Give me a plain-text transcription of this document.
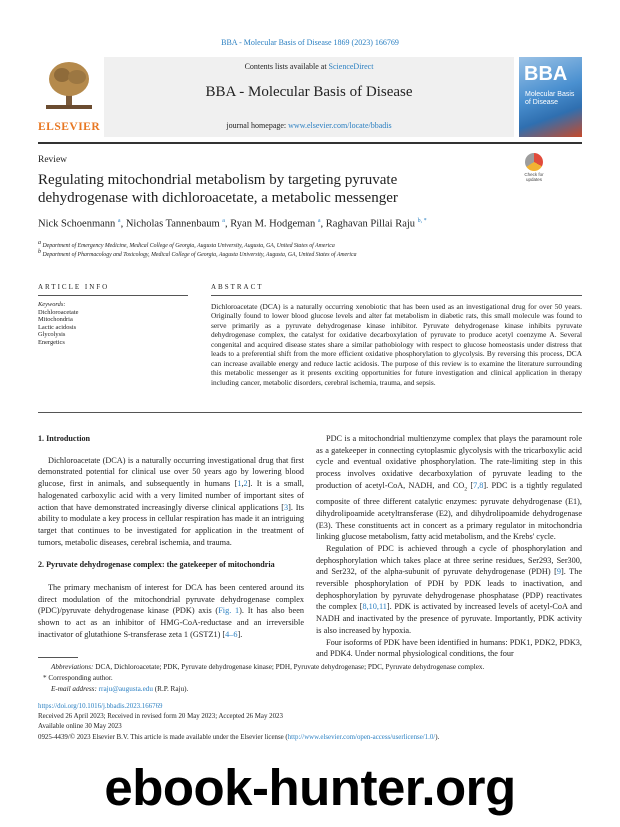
BBA - Molecular Basis of Disease 1869 (2023) 166769
ELSEVIER
Contents lists available at ScienceDirect
BBA - Molecular Basis of Disease
journal homepage: www.elsevier.com/locate/bbadis
BBA
Molecular Basis of Disease
Review
Regulating mitochondrial metabolism by targeting pyruvate dehydrogenase with dichloroacetate, a metabolic messenger
Check for updates
Nick Schoenmann $^a$, Nicholas Tannenbaum $^a$, Ryan M. Hodgeman $^a$, Raghavan Pillai Raju $^{b, *}$
$^a$ Department of Emergency Medicine, Medical College of Georgia, Augusta University, Augusta, GA, United States of America
$^b$ Department of Pharmacology and Toxicology, Medical College of Georgia, Augusta University, Augusta, GA, United States of America
ARTICLE INFO
Keywords:
Dichloroacetate
Mitochondria
Lactic acidosis
Glycolysis
Energetics
ABSTRACT
Dichloroacetate (DCA) is a naturally occurring xenobiotic that has been used as an investigational drug for over 50 years. Originally found to lower blood glucose levels and alter fat metabolism in diabetic rats, this small molecule was found to serve primarily as a pyruvate dehydrogenase kinase inhibitor. Pyruvate dehydrogenase kinase inhibits pyruvate dehydrogenase complex, the catalyst for oxidative decarboxylation of pyruvate to produce acetyl coenzyme A. Several congenital and acquired disease states share a similar pathobiology with respect to glucose homeostasis under distress that leads to a preferential shift from the more efficient oxidative phosphorylation to glycolysis. By reversing this process, DCA can increase available energy and reduce lactic acidosis. The purpose of this review is to examine the literature surrounding this metabolic messenger as it presents exciting opportunities for future investigation and clinical application in therapy including cancer, metabolic disorders, cerebral ischemia, trauma, and sepsis.
1. Introduction

Dichloroacetate (DCA) is a naturally occurring investigational drug that first demonstrated potential for clinical use over 50 years ago by lowering blood glucose, first in animals, and subsequently in humans [1,2]. It is a small, halogenated carboxylic acid with a very limited number of important sites of action that have demonstrated increasingly diverse clinical applications [3]. Its ability to modulate a key process in cellular respiration has made it an intriguing target that continues to be investigated for application in the treatment of tumors, metabolic diseases, cerebral ischemia, and trauma.

2. Pyruvate dehydrogenase complex: the gatekeeper of mitochondria

The primary mechanism of interest for DCA has been centered around its direct modulation of the mitochondrial pyruvate dehydrogenase complex (PDC)/pyruvate dehydrogenase kinase (PDK) axis (Fig. 1). It has also been shown to act as an inhibitor of HMG-CoA-reductase and an irreversible inactivator of glutathione S-transferase zeta 1 (GSTZ1) [4–6].

PDC is a mitochondrial multienzyme complex that plays the paramount role as a gatekeeper in connecting cytoplasmic glycolysis with the tricarboxylic acid cycle and eventual oxidative phosphorylation. The rate-limiting step in this process involves oxidative decarboxylation of pyruvate leading to the production of acetyl-CoA, NADH, and $CO_2$ [7,8]. PDC is a tightly regulated composite of three different catalytic enzymes: pyruvate dehydrogenase (E1), dihydrolipoamide acetyltransferase (E2), and dihydrolipoamide dehydrogenase (E3). These constituents act in concert as a primary regulator in mitochondria linking glucose metabolism, fatty acid metabolism, and the Krebs' cycle.

Regulation of PDC is achieved through a cycle of phosphorylation and dephosphorylation which takes place at three serine residues, Ser293, Ser300, and Ser232, of the alpha-subunit of pyruvate dehydrogenase (PDH) [9]. The reversible phosphorylation of PDH by PDK leads to inactivation, and dephosphorylation by pyruvate dehydrogenase phosphatase (PDP) reactivates the complex [8,10,11]. PDK is activated by increased levels of acetyl-CoA and NADH and inactivated by the presence of pyruvate. Importantly, PDK activity is also increased by hypoxia.

Four isoforms of PDK have been identified in humans: PDK1, PDK2, PDK3, and PDK4. Under normal physiological conditions, the four

Abbreviations: DCA, Dichloroacetate; PDK, Pyruvate dehydrogenase kinase; PDH, Pyruvate dehydrogenase; PDC, Pyruvate dehydrogenase complex.
* Corresponding author.
E-mail address: rraju@augusta.edu (R.P. Raju).
https://doi.org/10.1016/j.bbadis.2023.166769
Received 26 April 2023; Received in revised form 20 May 2023; Accepted 26 May 2023
Available online 30 May 2023
0925-4439/© 2023 Elsevier B.V. This article is made available under the Elsevier license (http://www.elsevier.com/open-access/userlicense/1.0/).
ebook-hunter.org
